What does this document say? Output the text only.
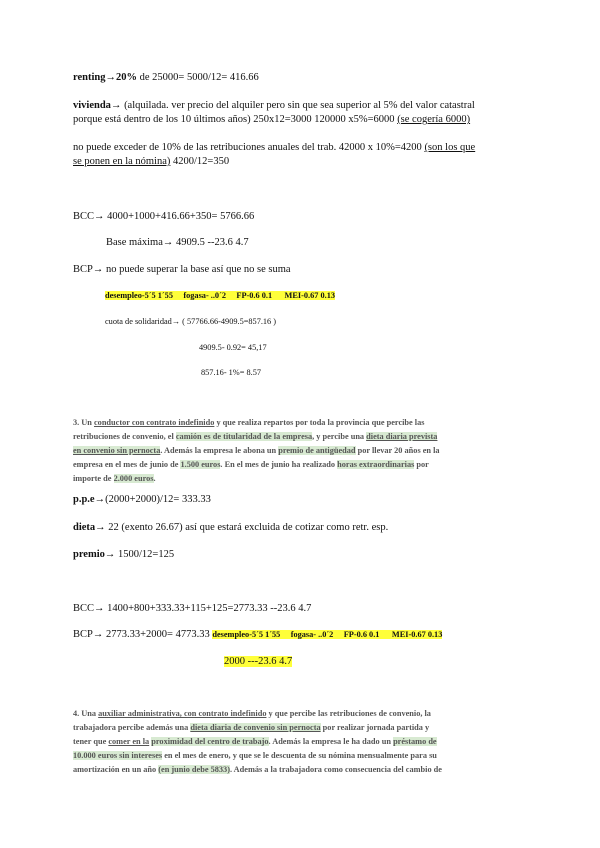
renting→20% de 25000= 5000/12= 416.66
vivienda→ (alquilada. ver precio del alquiler pero sin que sea superior al 5% del valor catastral
porque está dentro de los 10 últimos años) 250x12=3000 120000 x5%=6000 (se cogería 6000)
no puede exceder de 10% de las retribuciones anuales del trab. 42000 x 10%=4200 (son los que
se ponen en la nómina) 4200/12=350
BCC→ 4000+1000+416.66+350= 5766.66
Base máxima→ 4909.5 --23.6 4.7
BCP→ no puede superar la base así que no se suma
desempleo-5´5 1´55 fogasa- ..0´2 FP-0.6 0.1 MEI-0.67 0.13
cuota de solidaridad→ ( 57766.66-4909.5=857.16 )
4909.5- 0.92= 45,17
857.16- 1%= 8.57
3. Un conductor con contrato indefinido y que realiza repartos por toda la provincia que percibe las
retribuciones de convenio, el camión es de titularidad de la empresa, y percibe una dieta diaria prevista
en convenio sin pernocta. Además la empresa le abona un premio de antigüedad por llevar 20 años en la
empresa en el mes de junio de 1.500 euros. En el mes de junio ha realizado horas extraordinarias por
importe de 2.000 euros.
p.p.e→(2000+2000)/12= 333.33
dieta→ 22 (exento 26.67) así que estará excluida de cotizar como retr. esp.
premio→ 1500/12=125
BCC→ 1400+800+333.33+115+125=2773.33 --23.6 4.7
BCP→ 2773.33+2000= 4773.33 desempleo-5´5 1´55 fogasa- ..0´2 FP-0.6 0.1 MEI-0.67 0.13
2000 ---23.6 4.7
4. Una auxiliar administrativa, con contrato indefinido y que percibe las retribuciones de convenio, la
trabajadora percibe además una dieta diaria de convenio sin pernocta por realizar jornada partida y
tener que comer en la proximidad del centro de trabajo. Además la empresa le ha dado un préstamo de
10.000 euros sin intereses en el mes de enero, y que se le descuenta de su nómina mensualmente para su
amortización en un año (en junio debe 5833). Además a la trabajadora como consecuencia del cambio de
